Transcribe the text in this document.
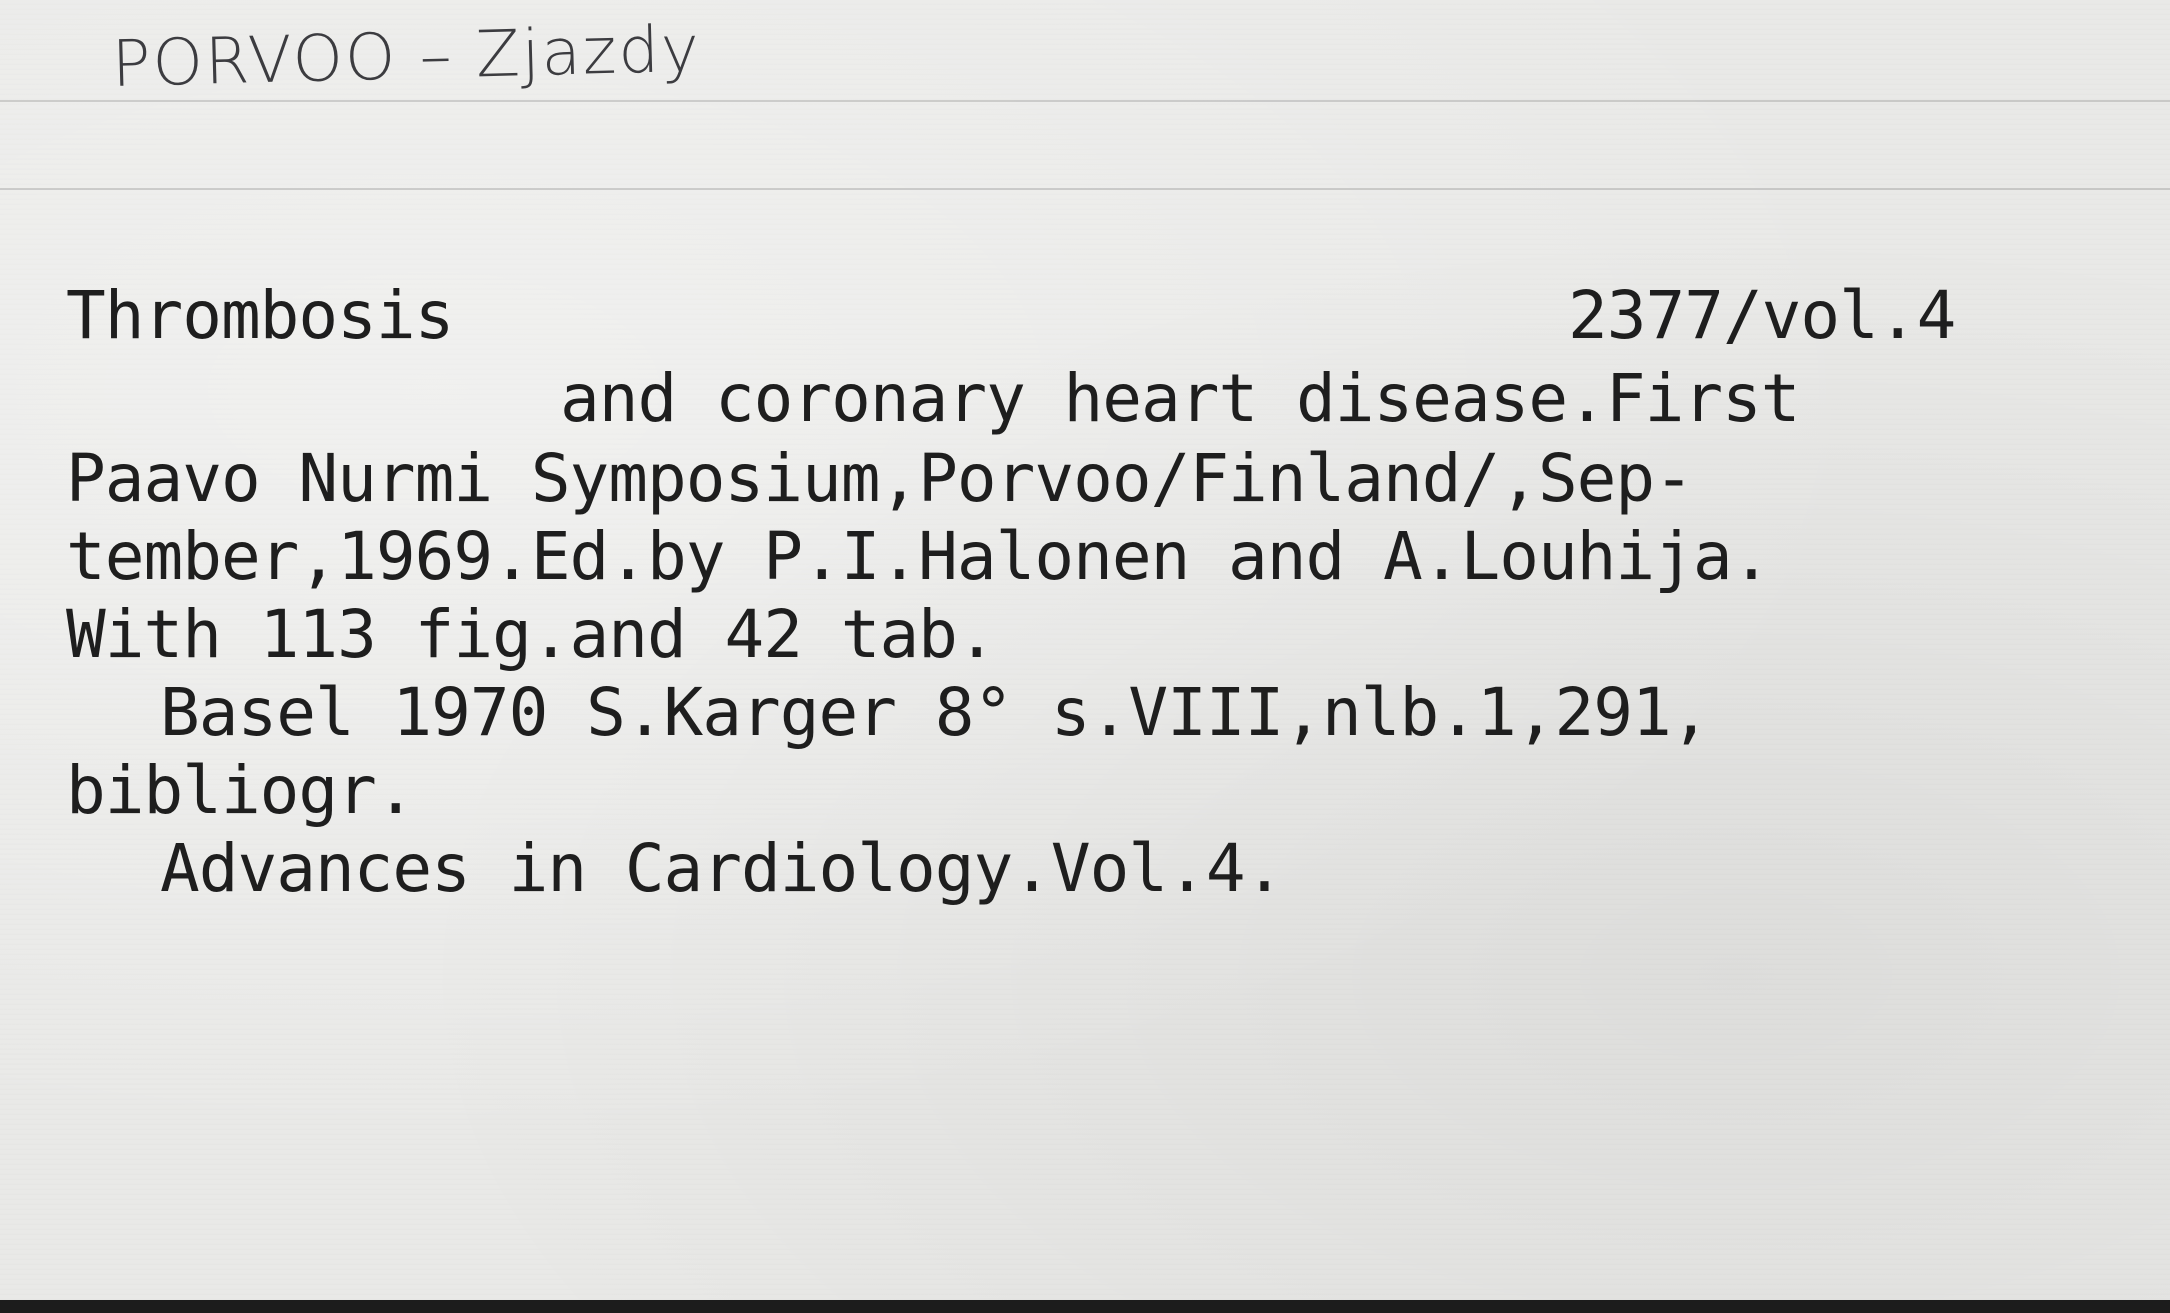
PORVOO – Zjazdy
Thrombosis	2377/vol.4
and coronary heart disease.First
Paavo Nurmi Symposium,Porvoo/Finland/,Sep-
tember,1969.Ed.by P.I.Halonen and A.Louhija.
With 113 fig.and 42 tab.
Basel 1970 S.Karger 8° s.VIII,nlb.1,291,
bibliogr.
Advances in Cardiology.Vol.4.
